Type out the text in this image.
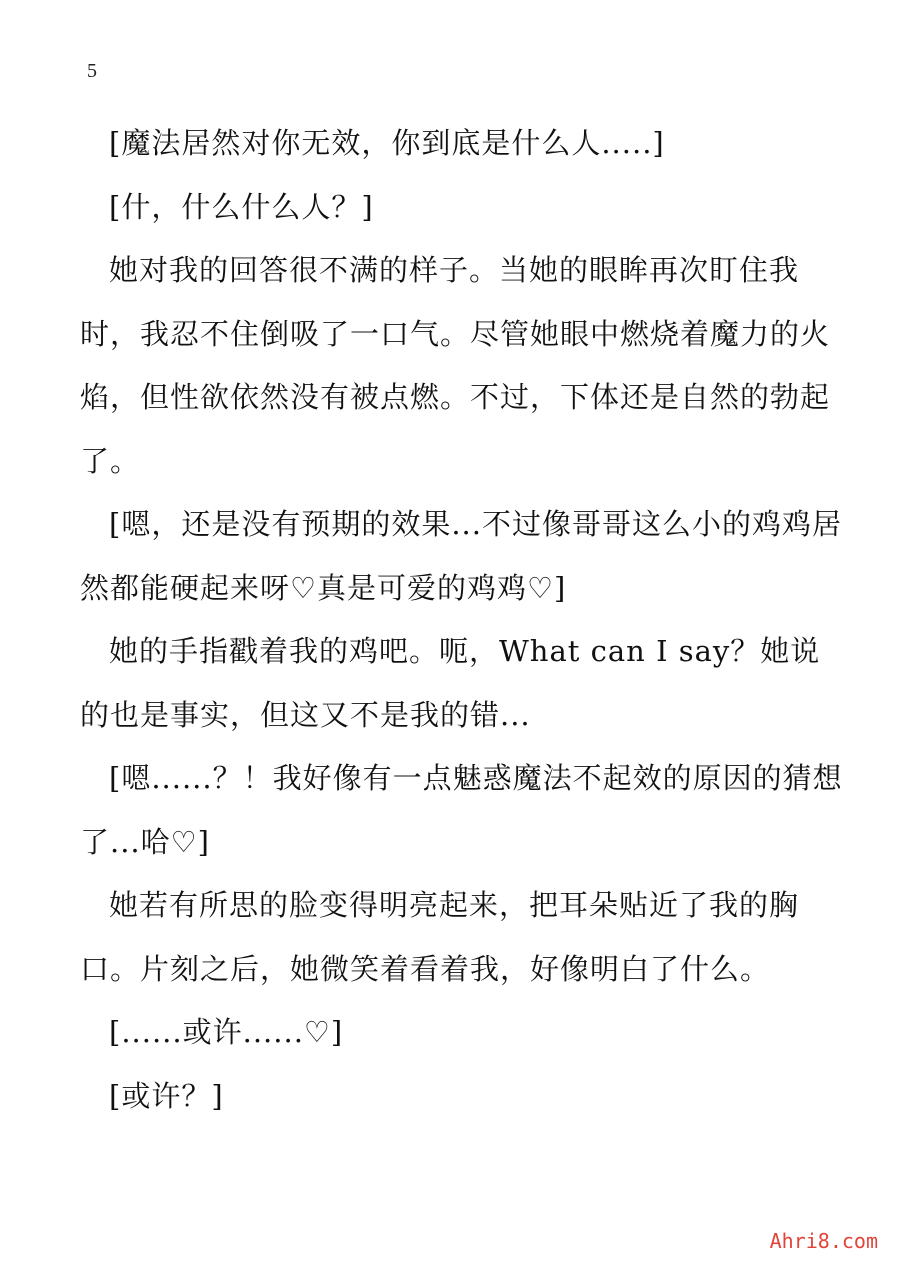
5

[魔法居然对你无效，你到底是什么人.....]

[什，什么什么人？]

她对我的回答很不满的样子。当她的眼眸再次盯住我时，我忍不住倒吸了一口气。尽管她眼中燃烧着魔力的火焰，但性欲依然没有被点燃。不过，下体还是自然的勃起了。

[嗯，还是没有预期的效果...不过像哥哥这么小的鸡鸡居然都能硬起来呀♡真是可爱的鸡鸡♡]

她的手指戳着我的鸡吧。呃，What can I say？她说的也是事实，但这又不是我的错...

[嗯......？！我好像有一点魅惑魔法不起效的原因的猜想了...哈♡]

她若有所思的脸变得明亮起来，把耳朵贴近了我的胸口。片刻之后，她微笑着看着我，好像明白了什么。

[......或许......♡]

[或许？]

Ahri8.com
